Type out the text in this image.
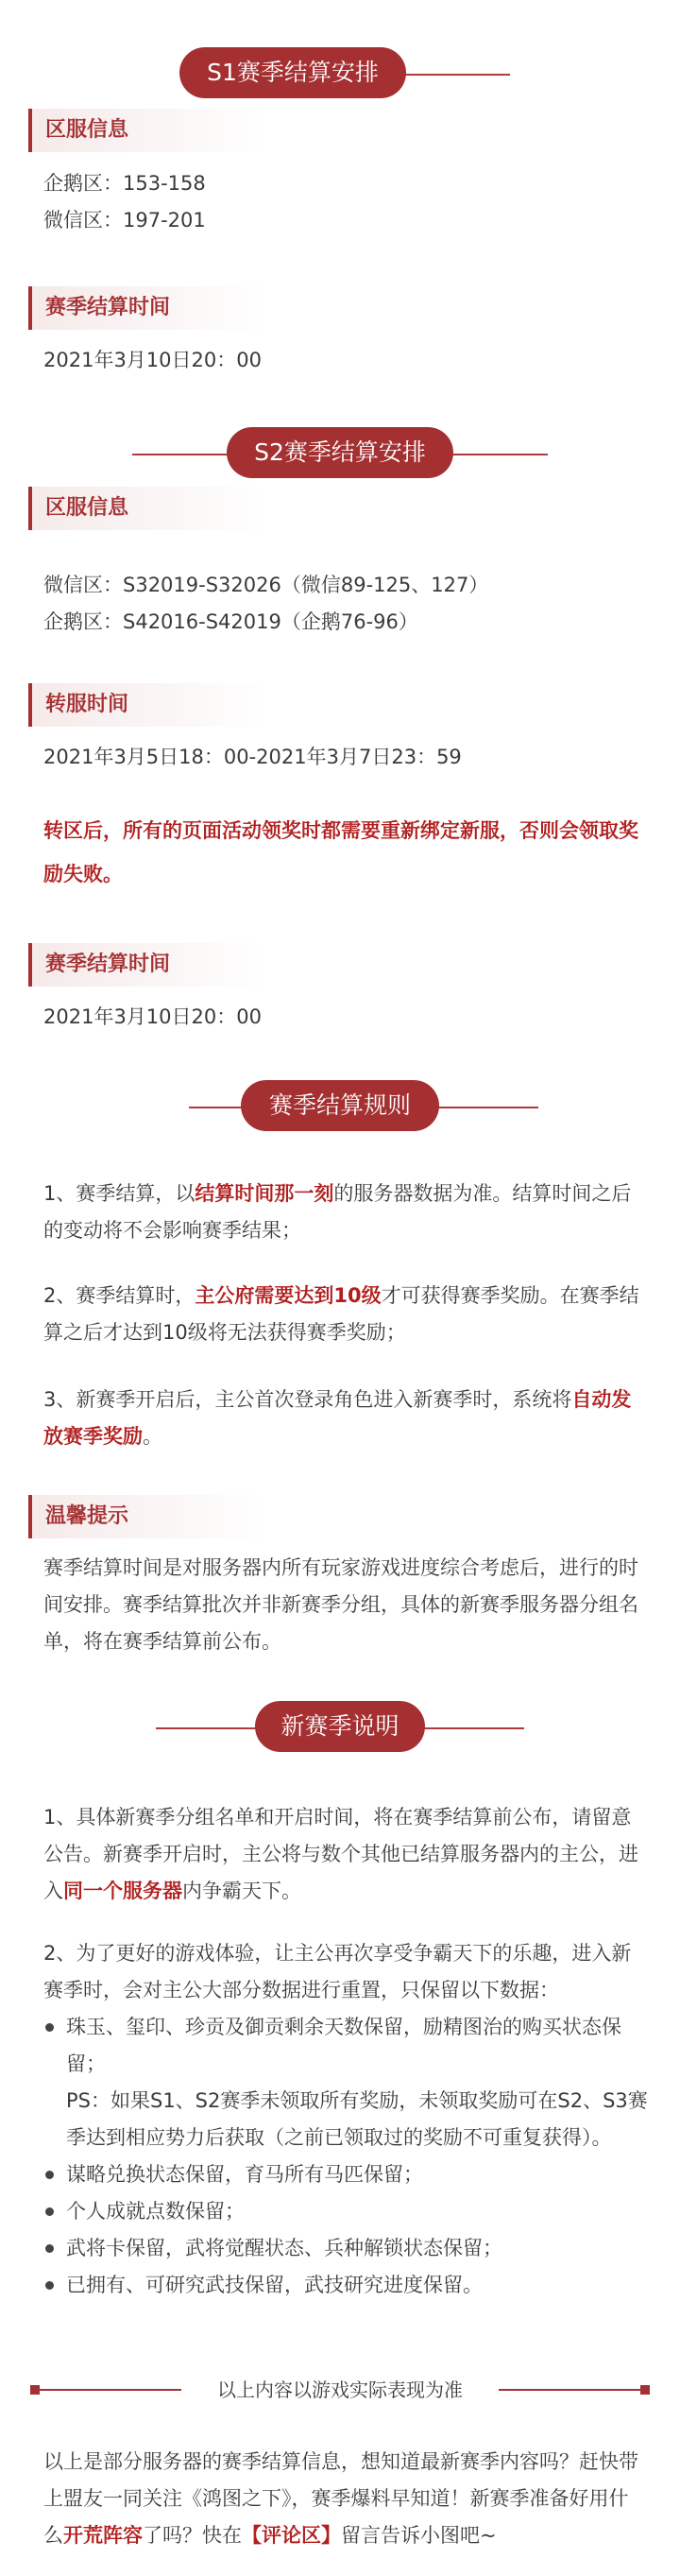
S1赛季结算安排
区服信息
企鹅区：153-158
微信区：197-201
赛季结算时间
2021年3月10日20：00
S2赛季结算安排
区服信息
微信区：S32019-S32026（微信89-125、127）
企鹅区：S42016-S42019（企鹅76-96）
转服时间
2021年3月5日18：00-2021年3月7日23：59
转区后，所有的页面活动领奖时都需要重新绑定新服，否则会领取奖励失败。
赛季结算时间
2021年3月10日20：00
赛季结算规则
1、赛季结算，以结算时间那一刻的服务器数据为准。结算时间之后的变动将不会影响赛季结果；
2、赛季结算时，主公府需要达到10级才可获得赛季奖励。在赛季结算之后才达到10级将无法获得赛季奖励；
3、新赛季开启后，主公首次登录角色进入新赛季时，系统将自动发放赛季奖励。
温馨提示
赛季结算时间是对服务器内所有玩家游戏进度综合考虑后，进行的时间安排。赛季结算批次并非新赛季分组，具体的新赛季服务器分组名单，将在赛季结算前公布。
新赛季说明
1、具体新赛季分组名单和开启时间，将在赛季结算前公布，请留意公告。新赛季开启时，主公将与数个其他已结算服务器内的主公，进入同一个服务器内争霸天下。
2、为了更好的游戏体验，让主公再次享受争霸天下的乐趣，进入新赛季时，会对主公大部分数据进行重置，只保留以下数据：
珠玉、玺印、珍贡及御贡剩余天数保留，励精图治的购买状态保留；
PS：如果S1、S2赛季未领取所有奖励，未领取奖励可在S2、S3赛季达到相应势力后获取（之前已领取过的奖励不可重复获得）。
谋略兑换状态保留，育马所有马匹保留；
个人成就点数保留；
武将卡保留，武将觉醒状态、兵种解锁状态保留；
已拥有、可研究武技保留，武技研究进度保留。
以上内容以游戏实际表现为准
以上是部分服务器的赛季结算信息，想知道最新赛季内容吗？赶快带上盟友一同关注《鸿图之下》，赛季爆料早知道！新赛季准备好用什么开荒阵容了吗？快在【评论区】留言告诉小图吧~
